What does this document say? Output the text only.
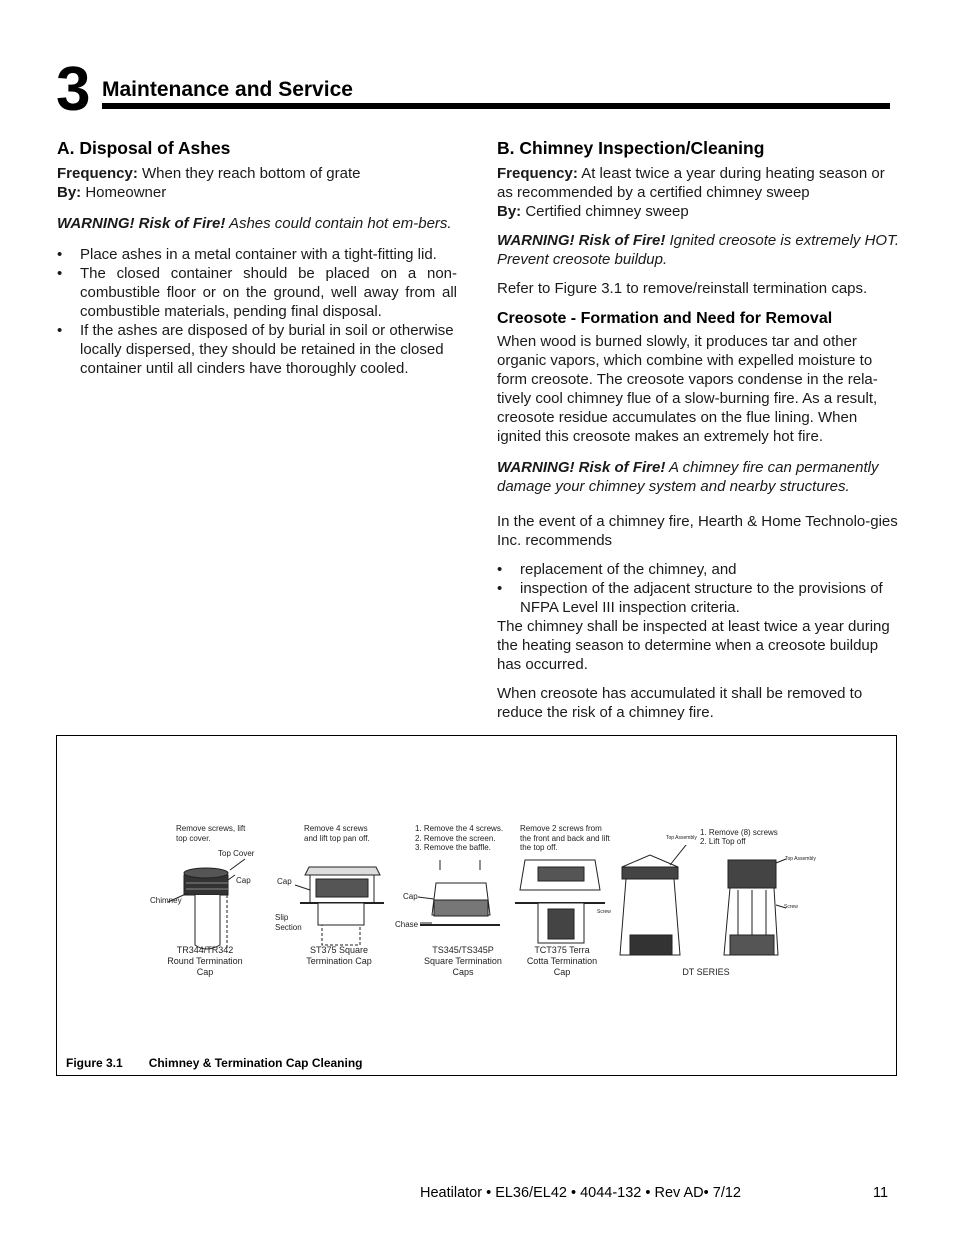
3 Maintenance and Service
A. Disposal of Ashes

Frequency: When they reach bottom of grate

By: Homeowner

WARNING! Risk of Fire! Ashes could contain hot em-bers.

• Place ashes in a metal container with a tight-fitting lid.
• The closed container should be placed on a non-combustible floor or on the ground, well away from all combustible materials, pending final disposal.
• If the ashes are disposed of by burial in soil or otherwise locally dispersed, they should be retained in the closed container until all cinders have thoroughly cooled.
B. Chimney Inspection/Cleaning

Frequency: At least twice a year during heating season or as recommended by a certified chimney sweep

By: Certified chimney sweep

WARNING! Risk of Fire! Ignited creosote is extremely HOT. Prevent creosote buildup.

Refer to Figure 3.1 to remove/reinstall termination caps.

Creosote - Formation and Need for Removal

When wood is burned slowly, it produces tar and other organic vapors, which combine with expelled moisture to form creosote. The creosote vapors condense in the rela-tively cool chimney flue of a slow-burning fire. As a result, creosote residue accumulates on the flue lining. When ignited this creosote makes an extremely hot fire.

WARNING! Risk of Fire! A chimney fire can permanently damage your chimney system and nearby structures.

In the event of a chimney fire, Hearth & Home Technolo-gies Inc. recommends

• replacement of the chimney, and
• inspection of the adjacent structure to the provisions of NFPA Level III inspection criteria.

The chimney shall be inspected at least twice a year during the heating season to determine when a creosote buildup has occurred.

When creosote has accumulated it shall be removed to reduce the risk of a chimney fire.

Remove screws, lift top cover.
Top Cover
Cap
Chimney
TR344/TR342 Round Termination Cap
Remove 4 screws and lift top pan off.
Cap
Slip Section
ST375 Square Termination Cap
1. Remove the 4 screws.
2. Remove the screen.
3. Remove the baffle.
Cap
Chase
TS345/TS345P Square Termination Caps
Remove 2 screws from the front and back and lift the top off.
TCT375 Terra Cotta Termination Cap
1. Remove (8) screws
2. Lift Top off
Top Assembly
Top Assembly
Screw
Screw
DT SERIES
Figure 3.1 Chimney & Termination Cap Cleaning
Heatilator • EL36/EL42 • 4044-132 • Rev AD• 7/12	11
